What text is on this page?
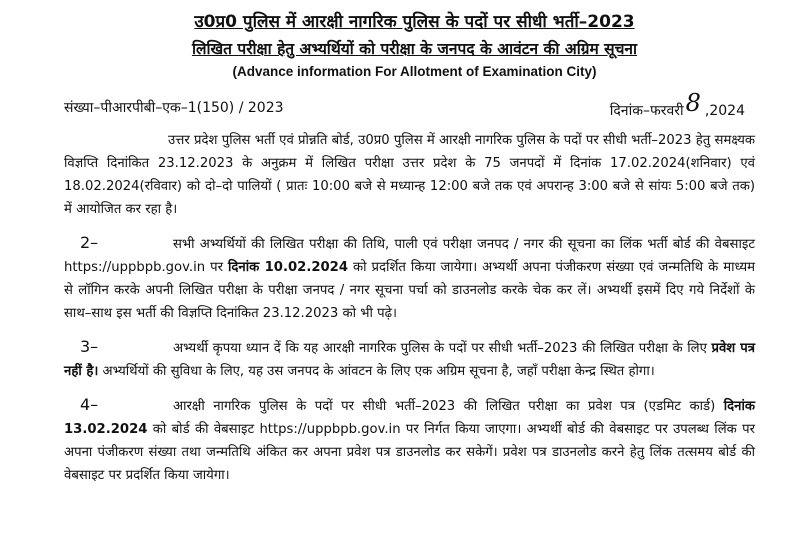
उ0प्र0 पुलिस में आरक्षी नागरिक पुलिस के पदों पर सीधी भर्ती–2023
लिखित परीक्षा हेतु अभ्यर्थियों को परीक्षा के जनपद के आवंटन की अग्रिम सूचना
(Advance information For Allotment of Examination City)
संख्या–पीआरपीबी–एक–1(150) / 2023	दिनांक–फरवरी 8 ,2024
उत्तर प्रदेश पुलिस भर्ती एवं प्रोन्नति बोर्ड, उ0प्र0 पुलिस में आरक्षी नागरिक पुलिस के पदों पर सीधी भर्ती–2023 हेतु समक्ष्यक विज्ञप्ति दिनांकित 23.12.2023 के अनुक्रम में लिखित परीक्षा उत्तर प्रदेश के 75 जनपदों में दिनांक 17.02.2024(शनिवार) एवं 18.02.2024(रविवार) को दो–दो पालियों ( प्रातः 10:00 बजे से मध्यान्ह 12:00 बजे तक एवं अपरान्ह 3:00 बजे से सांयः 5:00 बजे तक) में आयोजित कर रहा है।
2–	सभी अभ्यर्थियों की लिखित परीक्षा की तिथि, पाली एवं परीक्षा जनपद / नगर की सूचना का लिंक भर्ती बोर्ड की वेबसाइट https://uppbpb.gov.in पर दिनांक 10.02.2024 को प्रदर्शित किया जायेगा। अभ्यर्थी अपना पंजीकरण संख्या एवं जन्मतिथि के माध्यम से लॉगिन करके अपनी लिखित परीक्षा के परीक्षा जनपद / नगर सूचना पर्चा को डाउनलोड करके चेक कर लें। अभ्यर्थी इसमें दिए गये निर्देशों के साथ–साथ इस भर्ती की विज्ञप्ति दिनांकित 23.12.2023 को भी पढ़े।
3–	अभ्यर्थी कृपया ध्यान दें कि यह आरक्षी नागरिक पुलिस के पदों पर सीधी भर्ती–2023 की लिखित परीक्षा के लिए प्रवेश पत्र नहीं है। अभ्यर्थियों की सुविधा के लिए, यह उस जनपद के आंवटन के लिए एक अग्रिम सूचना है, जहॉं परीक्षा केन्द्र स्थित होगा।
4–	आरक्षी नागरिक पुलिस के पदों पर सीधी भर्ती–2023 की लिखित परीक्षा का प्रवेश पत्र (एडमिट कार्ड) दिनांक 13.02.2024 को बोर्ड की वेबसाइट https://uppbpb.gov.in पर निर्गत किया जाएगा। अभ्यर्थी बोर्ड की वेबसाइट पर उपलब्ध लिंक पर अपना पंजीकरण संख्या तथा जन्मतिथि अंकित कर अपना प्रवेश पत्र डाउनलोड कर सकेगें। प्रवेश पत्र डाउनलोड करने हेतु लिंक तत्समय बोर्ड की वेबसाइट पर प्रदर्शित किया जायेगा।
